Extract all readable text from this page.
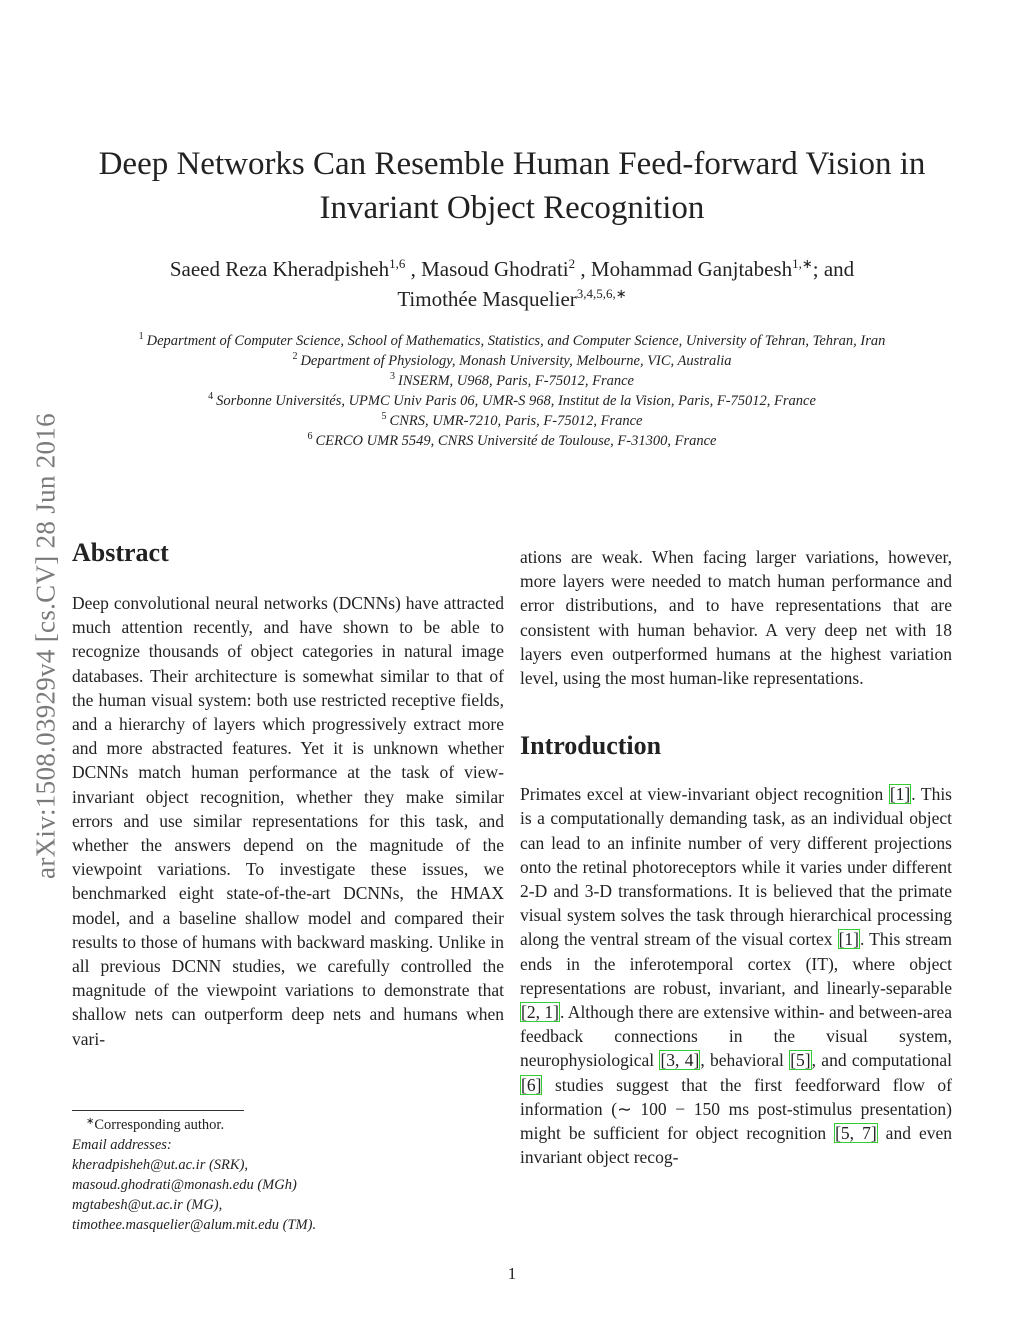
arXiv:1508.03929v4 [cs.CV] 28 Jun 2016
Deep Networks Can Resemble Human Feed-forward Vision in Invariant Object Recognition
Saeed Reza Kheradpisheh$^{1,6}$ , Masoud Ghodrati$^2$ , Mohammad Ganjtabesh$^{1,∗}$; and
Timothée Masquelier$^{3,4,5,6,∗}$
$^1$ Department of Computer Science, School of Mathematics, Statistics, and Computer Science, University of Tehran, Tehran, Iran
$^2$ Department of Physiology, Monash University, Melbourne, VIC, Australia
$^3$ INSERM, U968, Paris, F-75012, France
$^4$ Sorbonne Universités, UPMC Univ Paris 06, UMR-S 968, Institut de la Vision, Paris, F-75012, France
$^5$ CNRS, UMR-7210, Paris, F-75012, France
$^6$ CERCO UMR 5549, CNRS Université de Toulouse, F-31300, France
Abstract

Deep convolutional neural networks (DCNNs) have attracted much attention recently, and have shown to be able to recognize thousands of object categories in natural image databases. Their architecture is somewhat similar to that of the human visual system: both use restricted receptive fields, and a hierarchy of layers which progressively extract more and more abstracted features. Yet it is unknown whether DCNNs match human performance at the task of view-invariant object recognition, whether they make similar errors and use similar representations for this task, and whether the answers depend on the magnitude of the viewpoint variations. To investigate these issues, we benchmarked eight state-of-the-art DCNNs, the HMAX model, and a baseline shallow model and compared their results to those of humans with backward masking. Unlike in all previous DCNN studies, we carefully controlled the magnitude of the viewpoint variations to demonstrate that shallow nets can outperform deep nets and humans when vari-

ations are weak. When facing larger variations, however, more layers were needed to match human performance and error distributions, and to have representations that are consistent with human behavior. A very deep net with 18 layers even outperformed humans at the highest variation level, using the most human-like representations.

Introduction

Primates excel at view-invariant object recognition [1]. This is a computationally demanding task, as an individual object can lead to an infinite number of very different projections onto the retinal photoreceptors while it varies under different 2-D and 3-D transformations. It is believed that the primate visual system solves the task through hierarchical processing along the ventral stream of the visual cortex [1]. This stream ends in the inferotemporal cortex (IT), where object representations are robust, invariant, and linearly-separable [2, 1]. Although there are extensive within- and between-area feedback connections in the visual system, neurophysiological [3, 4], behavioral [5], and computational [6] studies suggest that the first feedforward flow of information (∼ 100 − 150 ms post-stimulus presentation) might be sufficient for object recognition [5, 7] and even invariant object recog-

∗Corresponding author.
Email addresses:
kheradpisheh@ut.ac.ir (SRK),
masoud.ghodrati@monash.edu (MGh)
mgtabesh@ut.ac.ir (MG),
timothee.masquelier@alum.mit.edu (TM).
1
